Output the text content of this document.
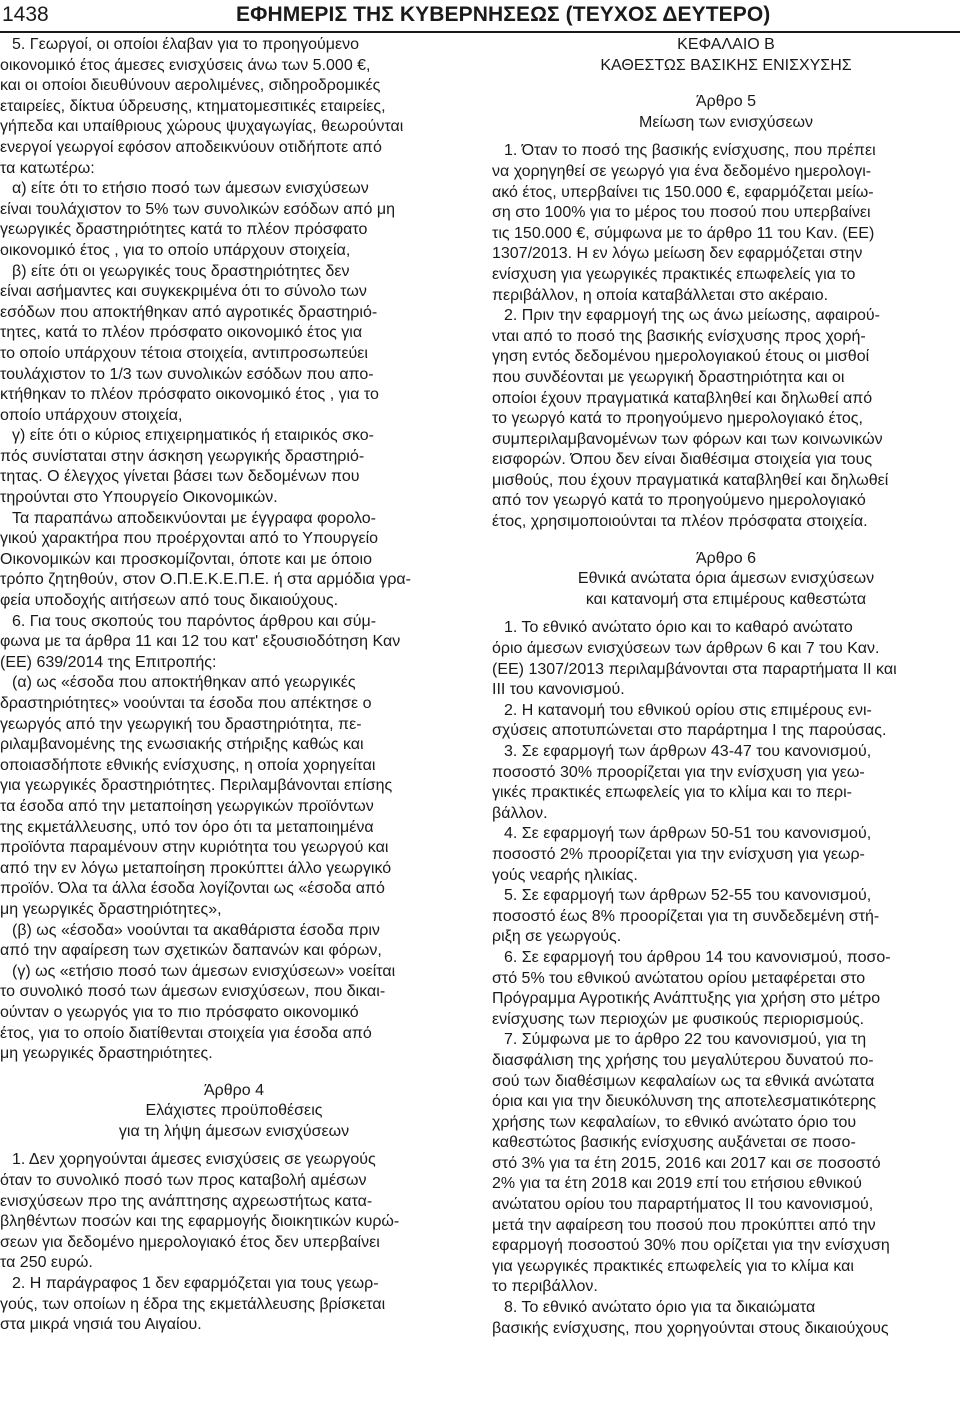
1438	ΕΦΗΜΕΡΙΣ ΤΗΣ ΚΥΒΕΡΝΗΣΕΩΣ (ΤΕΥΧΟΣ ΔΕΥΤΕΡΟ)

5. Γεωργοί, οι οποίοι έλαβαν για το προηγούμενο
οικονομικό έτος άμεσες ενισχύσεις άνω των 5.000 €,
και οι οποίοι διευθύνουν αερολιμένες, σιδηροδρομικές
εταιρείες, δίκτυα ύδρευσης, κτηματομεσιτικές εταιρείες,
γήπεδα και υπαίθριους χώρους ψυχαγωγίας, θεωρούνται
ενεργοί γεωργοί εφόσον αποδεικνύουν οτιδήποτε από
τα κατωτέρω:

α) είτε ότι το ετήσιο ποσό των άμεσων ενισχύσεων
είναι τουλάχιστον το 5% των συνολικών εσόδων από μη
γεωργικές δραστηριότητες κατά το πλέον πρόσφατο
οικονομικό έτος , για το οποίο υπάρχουν στοιχεία,

β) είτε ότι οι γεωργικές τους δραστηριότητες δεν
είναι ασήμαντες και συγκεκριμένα ότι το σύνολο των
εσόδων που αποκτήθηκαν από αγροτικές δραστηριό-
τητες, κατά το πλέον πρόσφατο οικονομικό έτος για
το οποίο υπάρχουν τέτοια στοιχεία, αντιπροσωπεύει
τουλάχιστον το 1/3 των συνολικών εσόδων που απο-
κτήθηκαν το πλέον πρόσφατο οικονομικό έτος , για το
οποίο υπάρχουν στοιχεία,

γ) είτε ότι ο κύριος επιχειρηματικός ή εταιρικός σκο-
πός συνίσταται στην άσκηση γεωργικής δραστηριό-
τητας. Ο έλεγχος γίνεται βάσει των δεδομένων που
τηρούνται στο Υπουργείο Οικονομικών.

Τα παραπάνω αποδεικνύονται με έγγραφα φορολο-
γικού χαρακτήρα που προέρχονται από το Υπουργείο
Οικονομικών και προσκομίζονται, όποτε και με όποιο
τρόπο ζητηθούν, στον Ο.Π.Ε.Κ.Ε.Π.Ε. ή στα αρμόδια γρα-
φεία υποδοχής αιτήσεων από τους δικαιούχους.

6. Για τους σκοπούς του παρόντος άρθρου και σύμ-
φωνα με τα άρθρα 11 και 12 του κατ' εξουσιοδότηση Καν
(ΕΕ) 639/2014 της Επιτροπής:

(α) ως «έσοδα που αποκτήθηκαν από γεωργικές
δραστηριότητες» νοούνται τα έσοδα που απέκτησε ο
γεωργός από την γεωργική του δραστηριότητα, πε-
ριλαμβανομένης της ενωσιακής στήριξης καθώς και
οποιασδήποτε εθνικής ενίσχυσης, η οποία χορηγείται
για γεωργικές δραστηριότητες. Περιλαμβάνονται επίσης
τα έσοδα από την μεταποίηση γεωργικών προϊόντων
της εκμετάλλευσης, υπό τον όρο ότι τα μεταποιημένα
προϊόντα παραμένουν στην κυριότητα του γεωργού και
από την εν λόγω μεταποίηση προκύπτει άλλο γεωργικό
προϊόν. Όλα τα άλλα έσοδα λογίζονται ως «έσοδα από
μη γεωργικές δραστηριότητες»,

(β) ως «έσοδα» νοούνται τα ακαθάριστα έσοδα πριν
από την αφαίρεση των σχετικών δαπανών και φόρων,

(γ) ως «ετήσιο ποσό των άμεσων ενισχύσεων» νοείται
το συνολικό ποσό των άμεσων ενισχύσεων, που δικαι-
ούνταν ο γεωργός για το πιο πρόσφατο οικονομικό
έτος, για το οποίο διατίθενται στοιχεία για έσοδα από
μη γεωργικές δραστηριότητες.

Άρθρο 4
Ελάχιστες προϋποθέσεις
για τη λήψη άμεσων ενισχύσεων

1. Δεν χορηγούνται άμεσες ενισχύσεις σε γεωργούς
όταν το συνολικό ποσό των προς καταβολή αμέσων
ενισχύσεων προ της ανάπτησης αχρεωστήτως κατα-
βληθέντων ποσών και της εφαρμογής διοικητικών κυρώ-
σεων για δεδομένο ημερολογιακό έτος δεν υπερβαίνει
τα 250 ευρώ.

2. Η παράγραφος 1 δεν εφαρμόζεται για τους γεωρ-
γούς, των οποίων η έδρα της εκμετάλλευσης βρίσκεται
στα μικρά νησιά του Αιγαίου.

ΚΕΦΑΛΑΙΟ Β
ΚΑΘΕΣΤΩΣ ΒΑΣΙΚΗΣ ΕΝΙΣΧΥΣΗΣ

Άρθρο 5
Μείωση των ενισχύσεων

1. Όταν το ποσό της βασικής ενίσχυσης, που πρέπει
να χορηγηθεί σε γεωργό για ένα δεδομένο ημερολογι-
ακό έτος, υπερβαίνει τις 150.000 €, εφαρμόζεται μείω-
ση στο 100% για το μέρος του ποσού που υπερβαίνει
τις 150.000 €, σύμφωνα με το άρθρο 11 του Καν. (ΕΕ)
1307/2013. Η εν λόγω μείωση δεν εφαρμόζεται στην
ενίσχυση για γεωργικές πρακτικές επωφελείς για το
περιβάλλον, η οποία καταβάλλεται στο ακέραιο.

2. Πριν την εφαρμογή της ως άνω μείωσης, αφαιρού-
νται από το ποσό της βασικής ενίσχυσης προς χορή-
γηση εντός δεδομένου ημερολογιακού έτους οι μισθοί
που συνδέονται με γεωργική δραστηριότητα και οι
οποίοι έχουν πραγματικά καταβληθεί και δηλωθεί από
το γεωργό κατά το προηγούμενο ημερολογιακό έτος,
συμπεριλαμβανομένων των φόρων και των κοινωνικών
εισφορών. Όπου δεν είναι διαθέσιμα στοιχεία για τους
μισθούς, που έχουν πραγματικά καταβληθεί και δηλωθεί
από τον γεωργό κατά το προηγούμενο ημερολογιακό
έτος, χρησιμοποιούνται τα πλέον πρόσφατα στοιχεία.

Άρθρο 6
Εθνικά ανώτατα όρια άμεσων ενισχύσεων
και κατανομή στα επιμέρους καθεστώτα

1. Το εθνικό ανώτατο όριο και το καθαρό ανώτατο
όριο άμεσων ενισχύσεων των άρθρων 6 και 7 του Καν.
(ΕΕ) 1307/2013 περιλαμβάνονται στα παραρτήματα ΙΙ και
ΙΙΙ του κανονισμού.

2. Η κατανομή του εθνικού ορίου στις επιμέρους ενι-
σχύσεις αποτυπώνεται στο παράρτημα Ι της παρούσας.

3. Σε εφαρμογή των άρθρων 43-47 του κανονισμού,
ποσοστό 30% προορίζεται για την ενίσχυση για γεω-
γικές πρακτικές επωφελείς για το κλίμα και το περι-
βάλλον.

4. Σε εφαρμογή των άρθρων 50-51 του κανονισμού,
ποσοστό 2% προορίζεται για την ενίσχυση για γεωρ-
γούς νεαρής ηλικίας.

5. Σε εφαρμογή των άρθρων 52-55 του κανονισμού,
ποσοστό έως 8% προορίζεται για τη συνδεδεμένη στή-
ριξη σε γεωργούς.

6. Σε εφαρμογή του άρθρου 14 του κανονισμού, ποσο-
στό 5% του εθνικού ανώτατου ορίου μεταφέρεται στο
Πρόγραμμα Αγροτικής Ανάπτυξης για χρήση στο μέτρο
ενίσχυσης των περιοχών με φυσικούς περιορισμούς.

7. Σύμφωνα με το άρθρο 22 του κανονισμού, για τη
διασφάλιση της χρήσης του μεγαλύτερου δυνατού πο-
σού των διαθέσιμων κεφαλαίων ως τα εθνικά ανώτατα
όρια και για την διευκόλυνση της αποτελεσματικότερης
χρήσης των κεφαλαίων, το εθνικό ανώτατο όριο του
καθεστώτος βασικής ενίσχυσης αυξάνεται σε ποσο-
στό 3% για τα έτη 2015, 2016 και 2017 και σε ποσοστό
2% για τα έτη 2018 και 2019 επί του ετήσιου εθνικού
ανώτατου ορίου του παραρτήματος ΙΙ του κανονισμού,
μετά την αφαίρεση του ποσού που προκύπτει από την
εφαρμογή ποσοστού 30% που ορίζεται για την ενίσχυση
για γεωργικές πρακτικές επωφελείς για το κλίμα και
το περιβάλλον.

8. Το εθνικό ανώτατο όριο για τα δικαιώματα
βασικής ενίσχυσης, που χορηγούνται στους δικαιούχους
